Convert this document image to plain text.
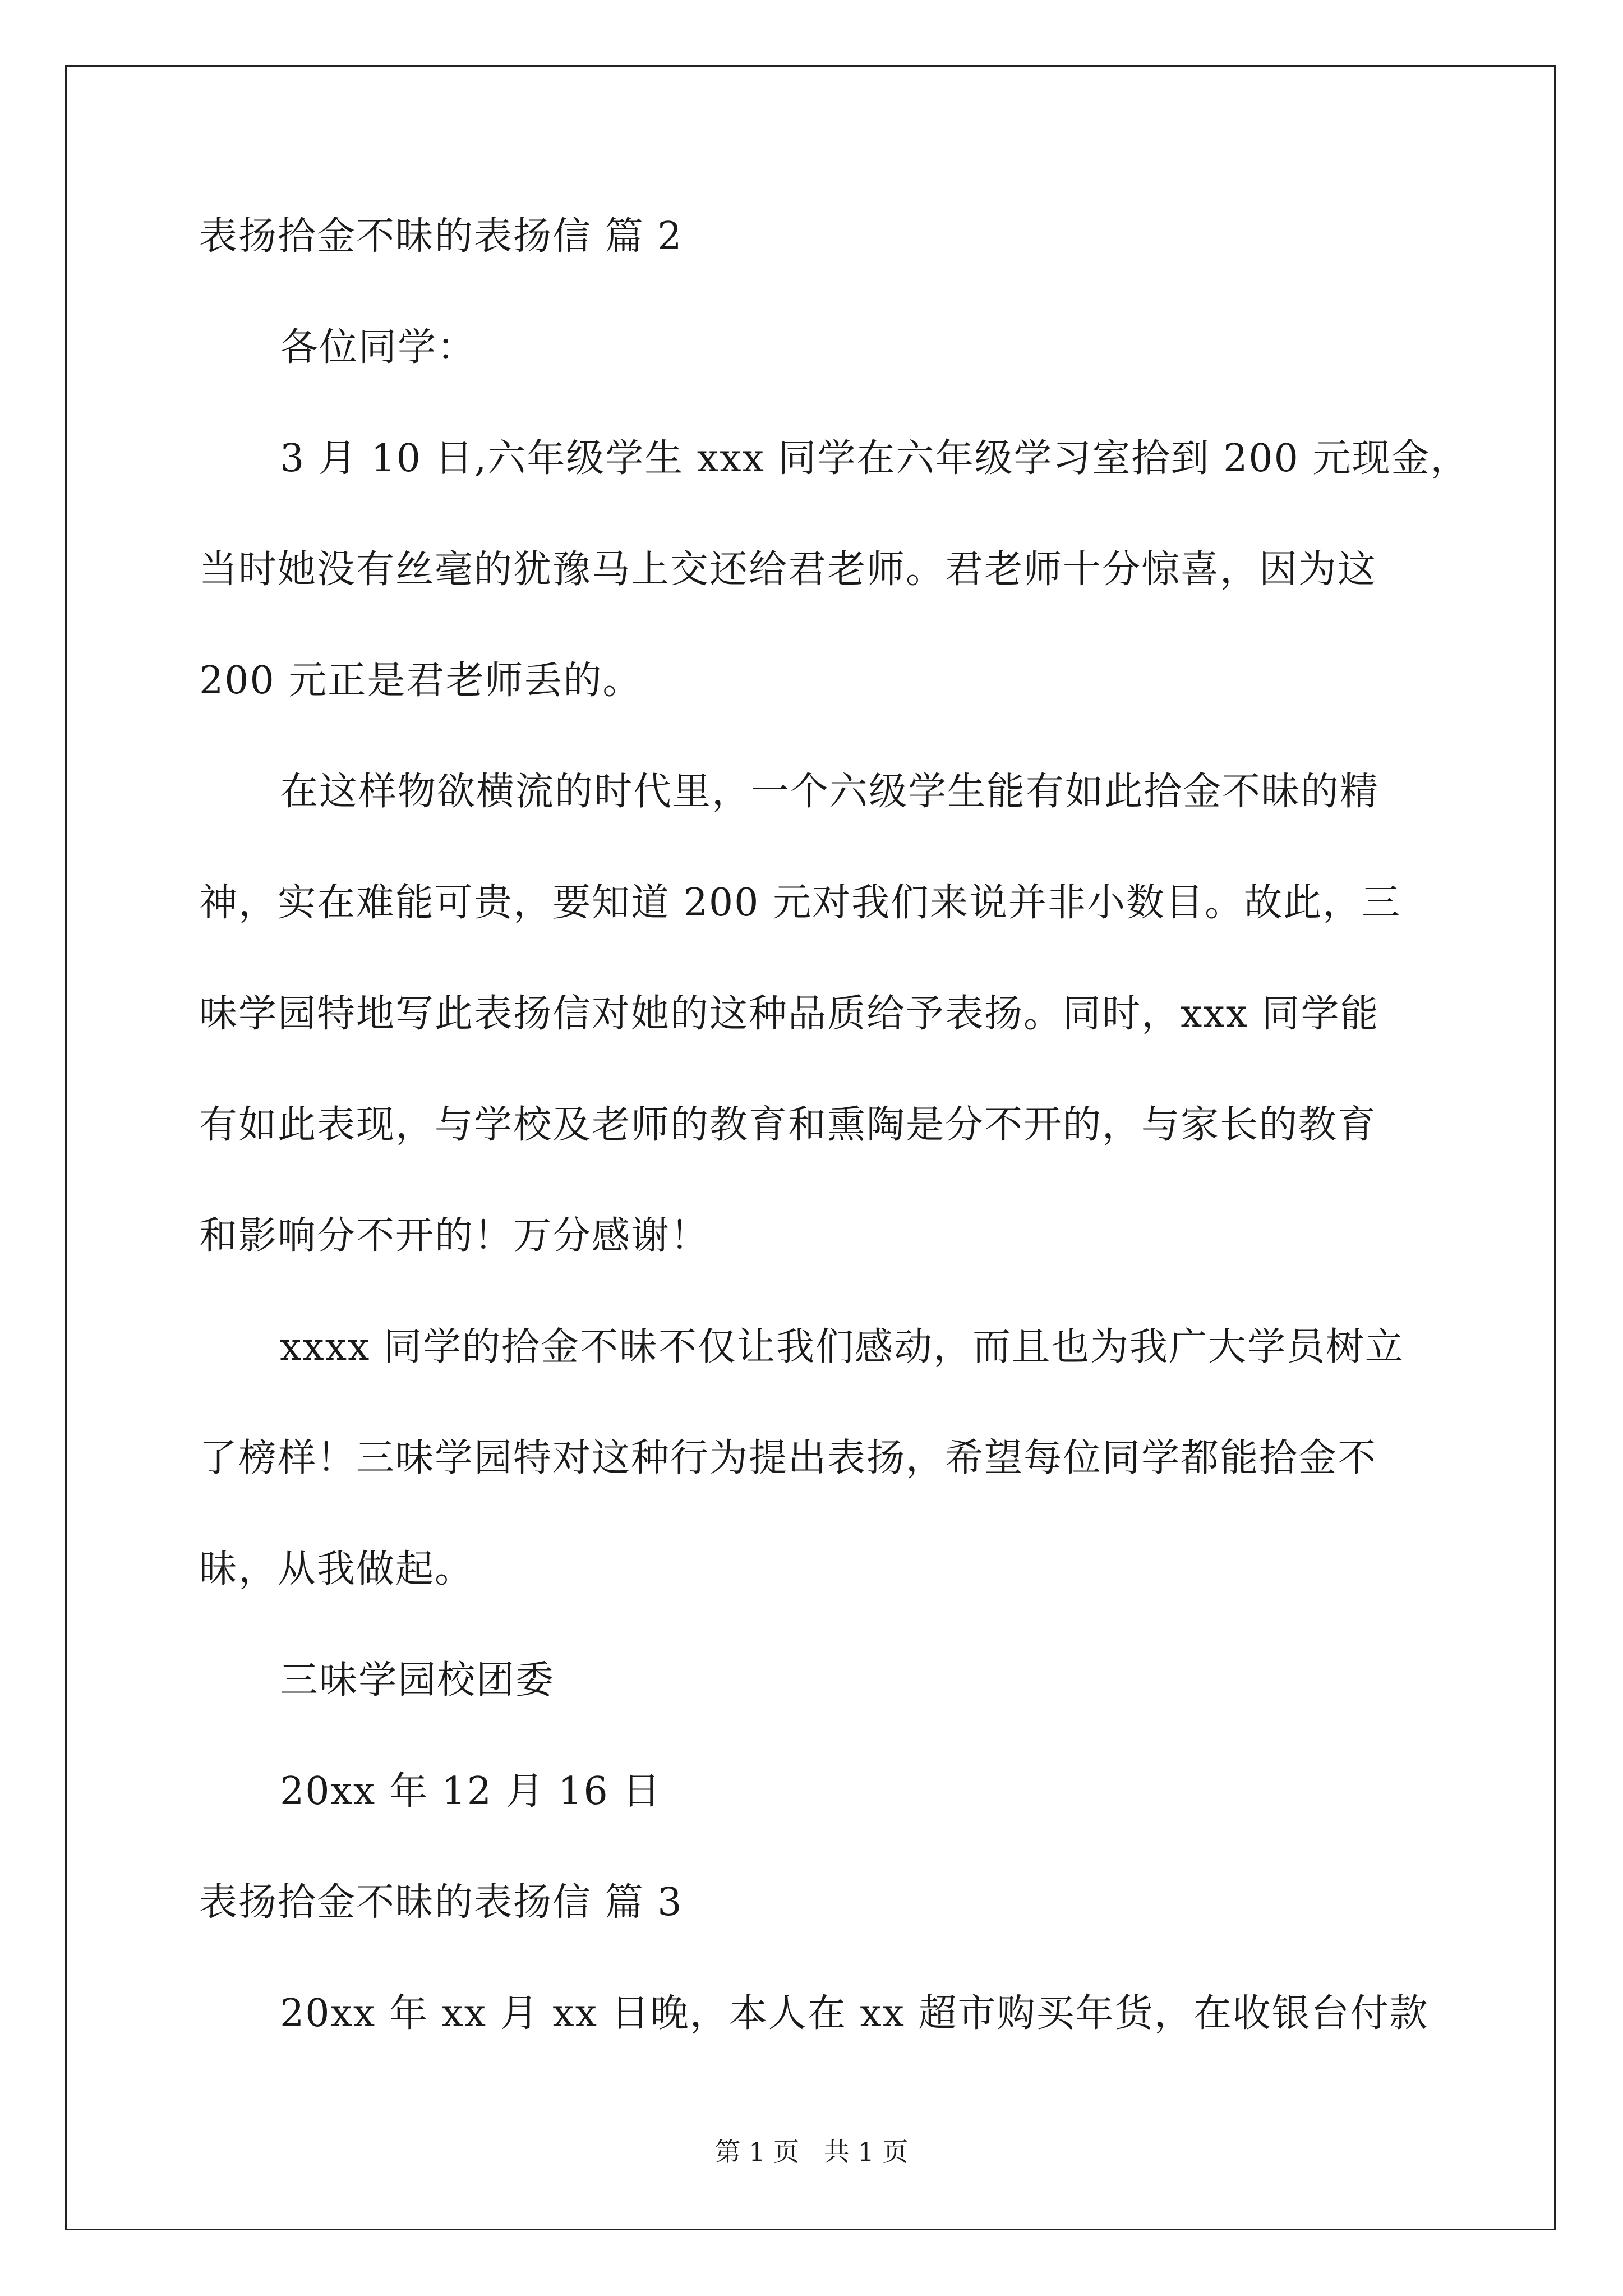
表扬拾金不昧的表扬信 篇 2

各位同学：

3 月 10 日,六年级学生 xxx 同学在六年级学习室拾到 200 元现金，
当时她没有丝毫的犹豫马上交还给君老师。君老师十分惊喜，因为这
200 元正是君老师丢的。
在这样物欲横流的时代里，一个六级学生能有如此拾金不昧的精
神，实在难能可贵，要知道 200 元对我们来说并非小数目。故此，三
味学园特地写此表扬信对她的这种品质给予表扬。同时，xxx 同学能
有如此表现，与学校及老师的教育和熏陶是分不开的，与家长的教育
和影响分不开的！万分感谢！
xxxx 同学的拾金不昧不仅让我们感动，而且也为我广大学员树立
了榜样！三味学园特对这种行为提出表扬，希望每位同学都能拾金不
昧，从我做起。

三味学园校团委

20xx 年 12 月 16 日

表扬拾金不昧的表扬信 篇 3

20xx 年 xx 月 xx 日晚，本人在 xx 超市购买年货，在收银台付款
第 1 页   共 1 页
